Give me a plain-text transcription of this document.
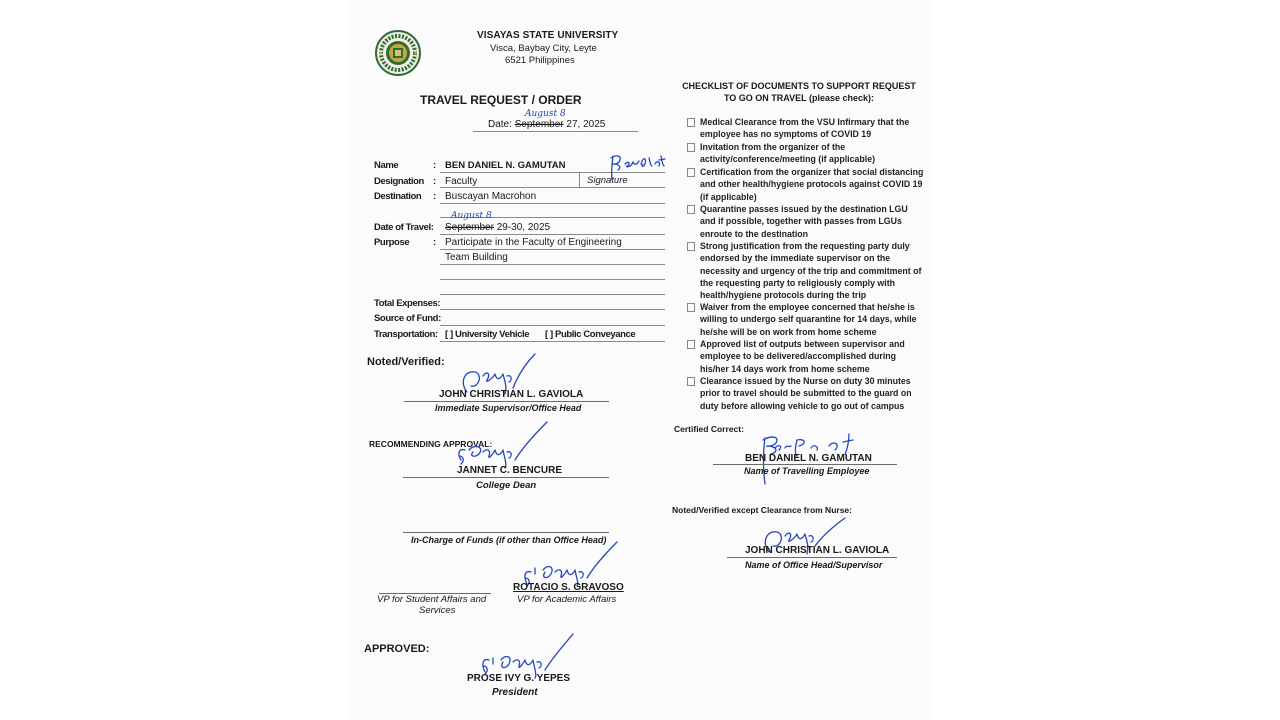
VISAYAS STATE UNIVERSITY
Visca, Baybay City, Leyte
6521 Philippines
TRAVEL REQUEST / ORDER
Date: September 27, 2025
August 8
Name	: BEN DANIEL N. GAMUTAN
Designation : Faculty	Signature
Destination : Buscayan Macrohon
Date of Travel: September 29-30, 2025
August 8
Purpose	: Participate in the Faculty of Engineering
Team Building
Total Expenses:
Source of Fund:
Transportation: [ ] University Vehicle [ ] Public Conveyance
Noted/Verified:
JOHN CHRISTIAN L. GAVIOLA
Immediate Supervisor/Office Head
RECOMMENDING APPROVAL:
JANNET C. BENCURE
College Dean
In-Charge of Funds (if other than Office Head)
VP for Student Affairs and
Services
ROTACIO S. GRAVOSO
VP for Academic Affairs
APPROVED:
PROSE IVY G. YEPES
President
CHECKLIST OF DOCUMENTS TO SUPPORT REQUEST
TO GO ON TRAVEL (please check):
Medical Clearance from the VSU Infirmary that the employee has no symptoms of COVID 19
Invitation from the organizer of the activity/conference/meeting (if applicable)
Certification from the organizer that social distancing and other health/hygiene protocols against COVID 19 (if applicable)
Quarantine passes issued by the destination LGU and if possible, together with passes from LGUs enroute to the destination
Strong justification from the requesting party duly endorsed by the immediate supervisor on the necessity and urgency of the trip and commitment of the requesting party to religiously comply with health/hygiene protocols during the trip
Waiver from the employee concerned that he/she is willing to undergo self quarantine for 14 days, while he/she will be on work from home scheme
Approved list of outputs between supervisor and employee to be delivered/accomplished during his/her 14 days work from home scheme
Clearance issued by the Nurse on duty 30 minutes prior to travel should be submitted to the guard on duty before allowing vehicle to go out of campus
Certified Correct:
BEN DANIEL N. GAMUTAN
Name of Travelling Employee
Noted/Verified except Clearance from Nurse:
JOHN CHRISTIAN L. GAVIOLA
Name of Office Head/Supervisor
